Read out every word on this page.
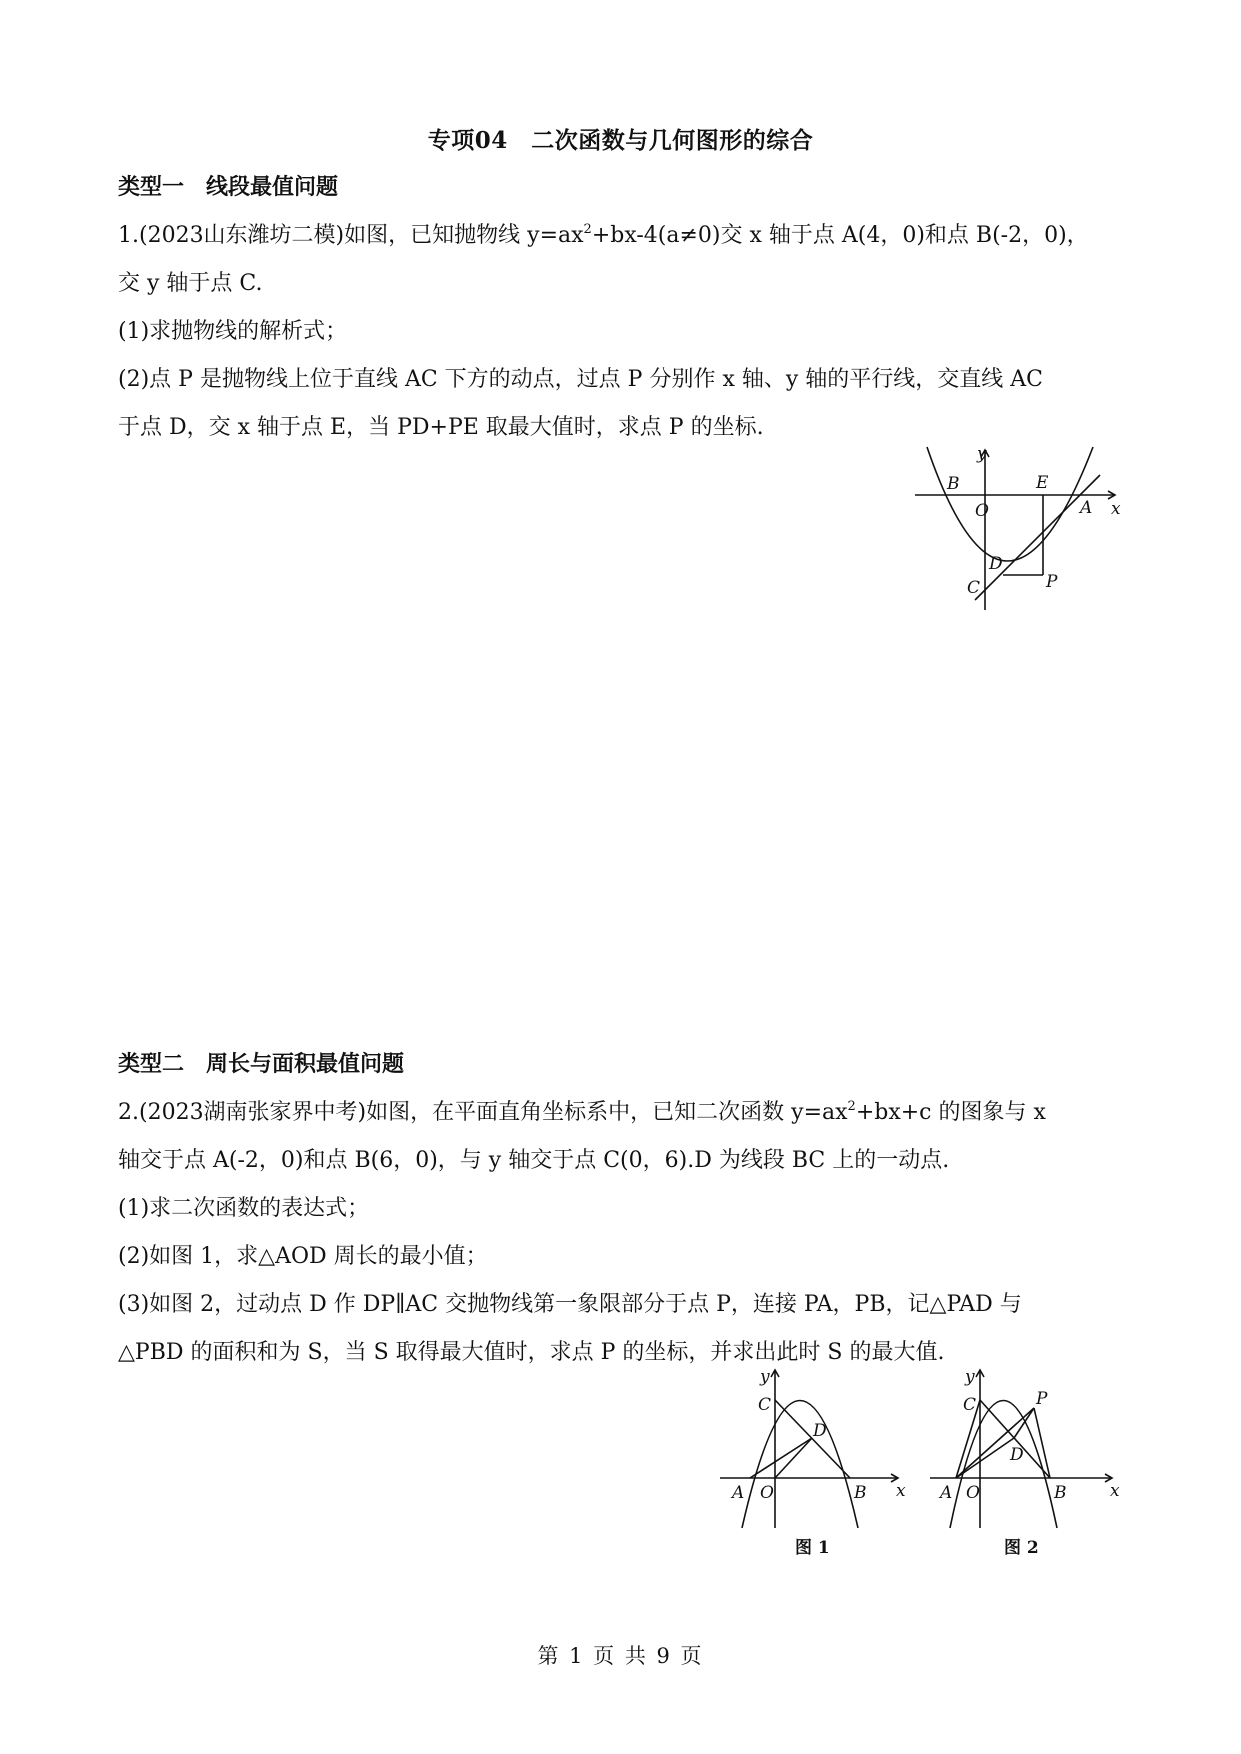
专项04　二次函数与几何图形的综合
类型一　线段最值问题
1.(2023山东潍坊二模)如图，已知抛物线 $y=ax^2+bx-4(a\ne 0)$交 x 轴于点 A(4，0)和点 B(-2，0)，
交 y 轴于点 C.
(1)求抛物线的解析式；
(2)点 P 是抛物线上位于直线 AC 下方的动点，过点 P 分别作 x 轴、y 轴的平行线，交直线 AC
于点 D，交 x 轴于点 E，当 PD+PE 取最大值时，求点 P 的坐标.
y
x
B
O
E
A
D
C	P
类型二　周长与面积最值问题
2.(2023湖南张家界中考)如图，在平面直角坐标系中，已知二次函数 $y=ax^2+bx+c$ 的图象与 x
轴交于点 A(-2，0)和点 B(6，0)，与 y 轴交于点 C(0，6).D 为线段 BC 上的一动点.
(1)求二次函数的表达式；
(2)如图 1，求△AOD 周长的最小值；
(3)如图 2，过动点 D 作 DP∥AC 交抛物线第一象限部分于点 P，连接 PA，PB，记△PAD 与
△PBD 的面积和为 S，当 S 取得最大值时，求点 P 的坐标，并求出此时 S 的最大值.
y
x
C
D
A O	B
图 1
y
x
C	P
D
A O	B
图 2
第 1 页 共 9 页
